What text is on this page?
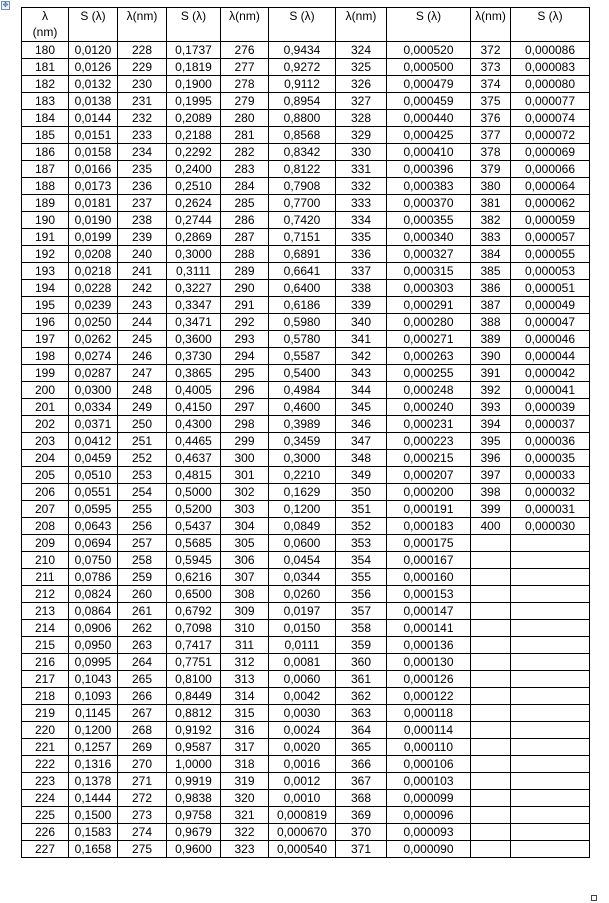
✥
λ
(nm)	S (λ)	λ(nm)	S (λ)	λ(nm)	S (λ)	λ(nm)	S (λ)	λ(nm)	S (λ)
180	0,0120	228	0,1737	276	0,9434	324	0,000520	372	0,000086
181	0,0126	229	0,1819	277	0,9272	325	0,000500	373	0,000083
182	0,0132	230	0,1900	278	0,9112	326	0,000479	374	0,000080
183	0,0138	231	0,1995	279	0,8954	327	0,000459	375	0,000077
184	0,0144	232	0,2089	280	0,8800	328	0,000440	376	0,000074
185	0,0151	233	0,2188	281	0,8568	329	0,000425	377	0,000072
186	0,0158	234	0,2292	282	0,8342	330	0,000410	378	0,000069
187	0,0166	235	0,2400	283	0,8122	331	0,000396	379	0,000066
188	0,0173	236	0,2510	284	0,7908	332	0,000383	380	0,000064
189	0,0181	237	0,2624	285	0,7700	333	0,000370	381	0,000062
190	0,0190	238	0,2744	286	0,7420	334	0,000355	382	0,000059
191	0,0199	239	0,2869	287	0,7151	335	0,000340	383	0,000057
192	0,0208	240	0,3000	288	0,6891	336	0,000327	384	0,000055
193	0,0218	241	0,3111	289	0,6641	337	0,000315	385	0,000053
194	0,0228	242	0,3227	290	0,6400	338	0,000303	386	0,000051
195	0,0239	243	0,3347	291	0,6186	339	0,000291	387	0,000049
196	0,0250	244	0,3471	292	0,5980	340	0,000280	388	0,000047
197	0,0262	245	0,3600	293	0,5780	341	0,000271	389	0,000046
198	0,0274	246	0,3730	294	0,5587	342	0,000263	390	0,000044
199	0,0287	247	0,3865	295	0,5400	343	0,000255	391	0,000042
200	0,0300	248	0,4005	296	0,4984	344	0,000248	392	0,000041
201	0,0334	249	0,4150	297	0,4600	345	0,000240	393	0,000039
202	0,0371	250	0,4300	298	0,3989	346	0,000231	394	0,000037
203	0,0412	251	0,4465	299	0,3459	347	0,000223	395	0,000036
204	0,0459	252	0,4637	300	0,3000	348	0,000215	396	0,000035
205	0,0510	253	0,4815	301	0,2210	349	0,000207	397	0,000033
206	0,0551	254	0,5000	302	0,1629	350	0,000200	398	0,000032
207	0,0595	255	0,5200	303	0,1200	351	0,000191	399	0,000031
208	0,0643	256	0,5437	304	0,0849	352	0,000183	400	0,000030
209	0,0694	257	0,5685	305	0,0600	353	0,000175		
210	0,0750	258	0,5945	306	0,0454	354	0,000167		
211	0,0786	259	0,6216	307	0,0344	355	0,000160		
212	0,0824	260	0,6500	308	0,0260	356	0,000153		
213	0,0864	261	0,6792	309	0,0197	357	0,000147		
214	0,0906	262	0,7098	310	0,0150	358	0,000141		
215	0,0950	263	0,7417	311	0,0111	359	0,000136		
216	0,0995	264	0,7751	312	0,0081	360	0,000130		
217	0,1043	265	0,8100	313	0,0060	361	0,000126		
218	0,1093	266	0,8449	314	0,0042	362	0,000122		
219	0,1145	267	0,8812	315	0,0030	363	0,000118		
220	0,1200	268	0,9192	316	0,0024	364	0,000114		
221	0,1257	269	0,9587	317	0,0020	365	0,000110		
222	0,1316	270	1,0000	318	0,0016	366	0,000106		
223	0,1378	271	0,9919	319	0,0012	367	0,000103		
224	0,1444	272	0,9838	320	0,0010	368	0,000099		
225	0,1500	273	0,9758	321	0,000819	369	0,000096		
226	0,1583	274	0,9679	322	0,000670	370	0,000093		
227	0,1658	275	0,9600	323	0,000540	371	0,000090		
